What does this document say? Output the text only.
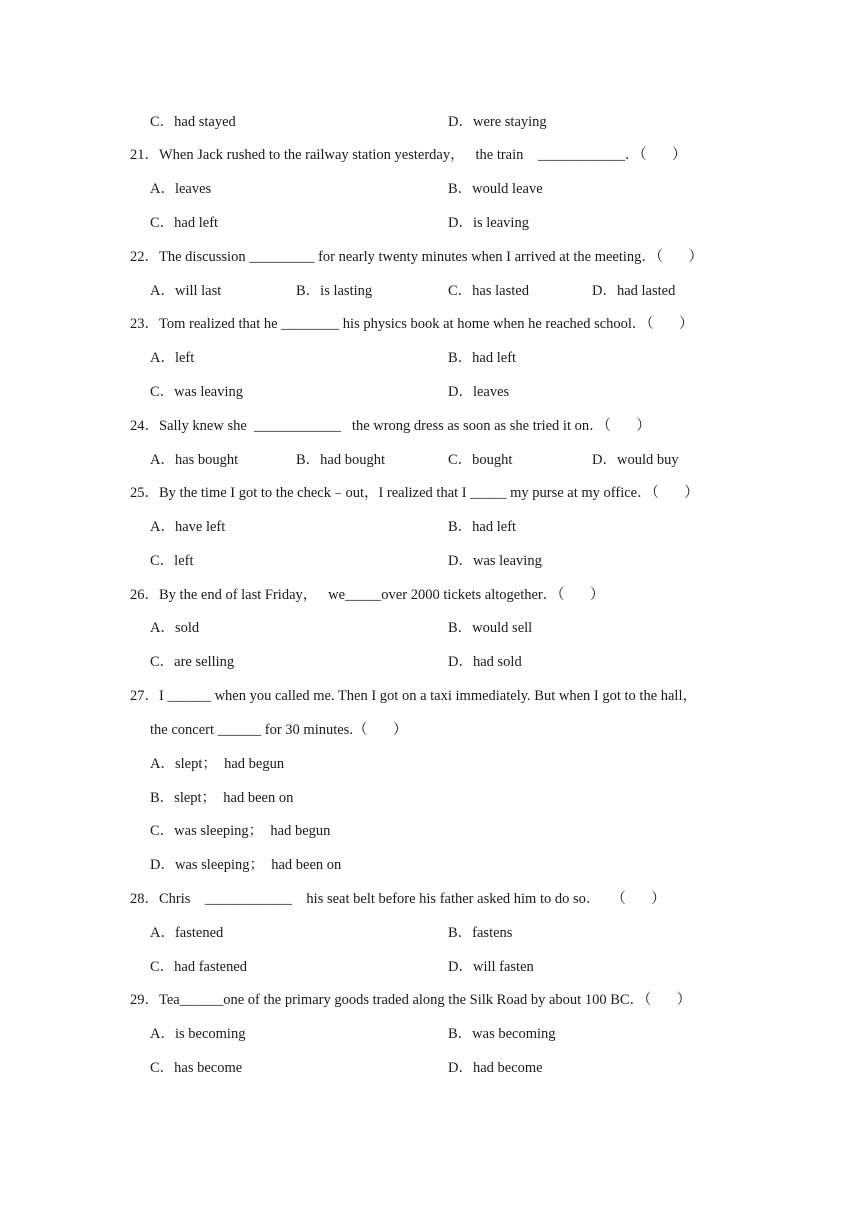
C．had stayed	D．were staying
21．When Jack rushed to the railway station yesterday，   the train    ____________．（       ）
A．leaves	B．would leave
C．had left	D．is leaving
22．The discussion _________ for nearly twenty minutes when I arrived at the meeting．（       ）
A．will last	B．is lasting	C．has lasted	D．had lasted
23．Tom realized that he ________ his physics book at home when he reached school．（       ）
A．left	B．had left
C．was leaving	D．leaves
24．Sally knew she  ____________   the wrong dress as soon as she tried it on．（       ）
A．has bought	B．had bought	C．bought	D．would buy
25．By the time I got to the check﹣out，I realized that I _____ my purse at my office．（       ）
A．have left	B．had left
C．left	D．was leaving
26．By the end of last Friday，   we_____over 2000 tickets altogether．（       ）
A．sold	B．would sell
C．are selling	D．had sold
27．I ______ when you called me. Then I got on a taxi immediately. But when I got to the hall，
the concert ______ for 30 minutes.（       ）
A．slept；  had begun
B．slept；  had been on
C．was sleeping；  had begun
D．was sleeping；  had been on
28．Chris    ____________    his seat belt before his father asked him to do so．   （       ）
A．fastened	B．fastens
C．had fastened	D．will fasten
29．Tea______one of the primary goods traded along the Silk Road by about 100 BC．（       ）
A．is becoming	B．was becoming
C．has become	D．had become
